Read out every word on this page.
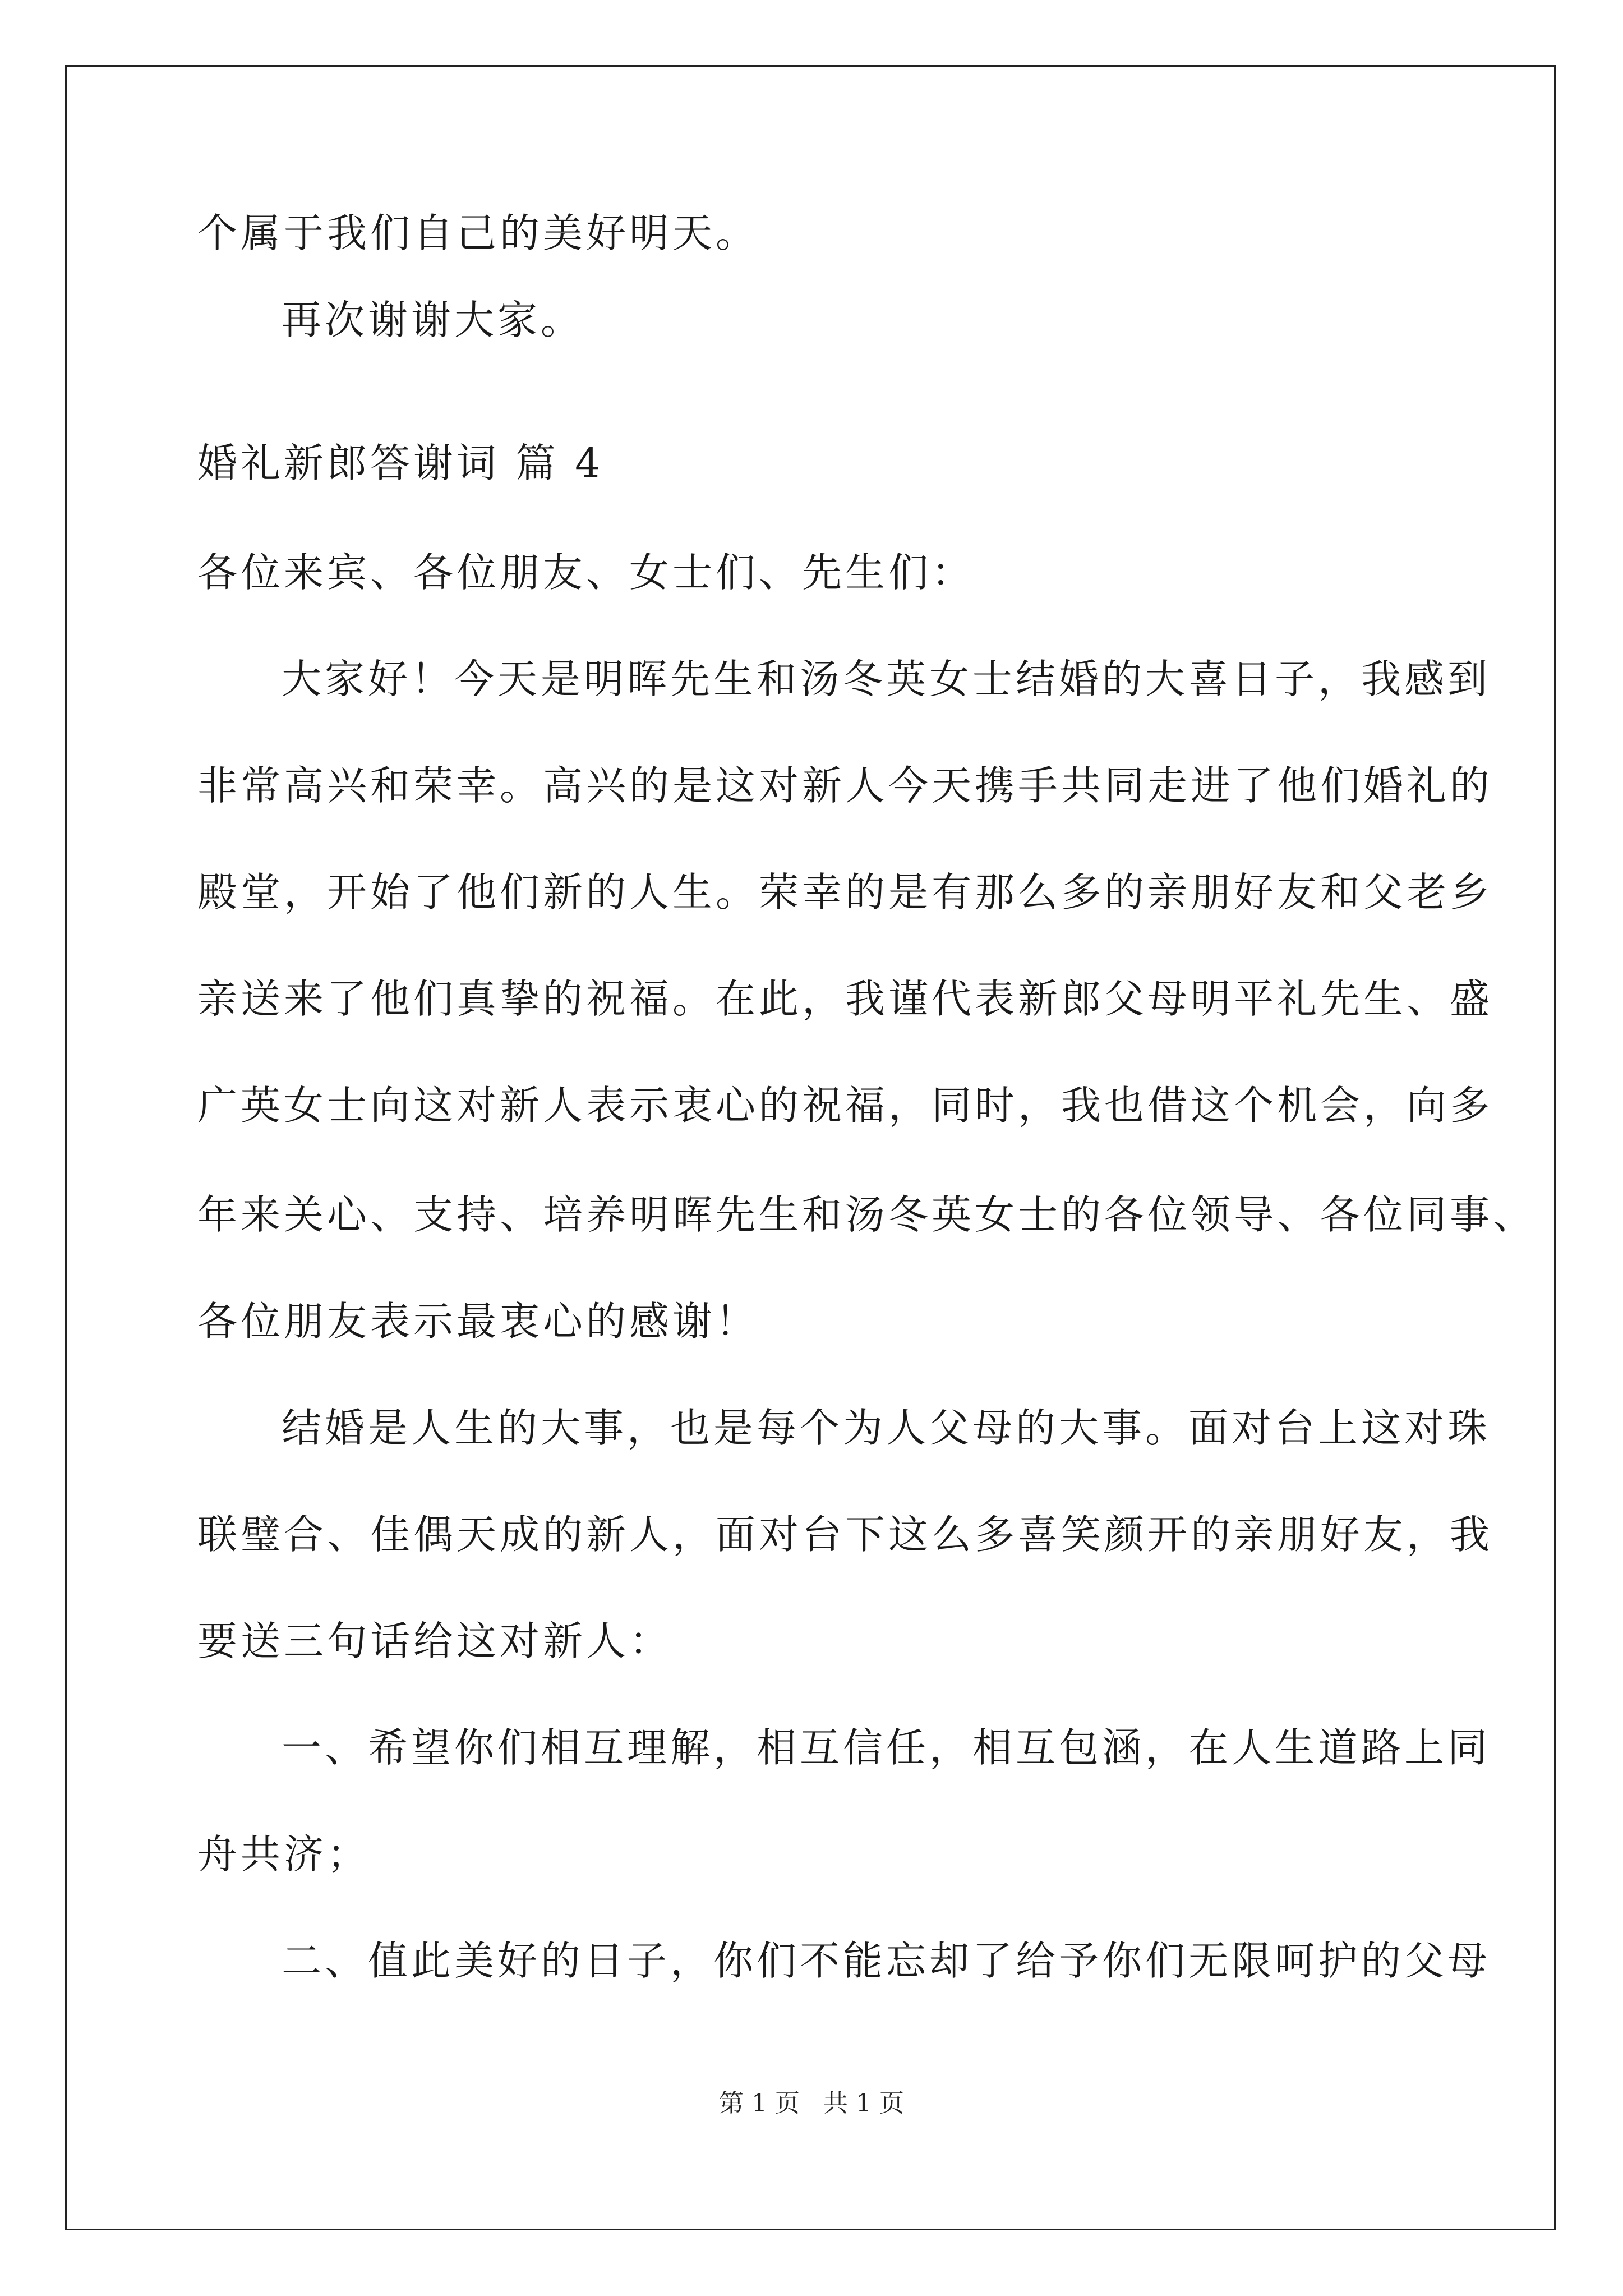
个属于我们自己的美好明天。
再次谢谢大家。
婚礼新郎答谢词 篇 4
各位来宾、各位朋友、女士们、先生们：
大家好！今天是明晖先生和汤冬英女士结婚的大喜日子，我感到
非常高兴和荣幸。高兴的是这对新人今天携手共同走进了他们婚礼的
殿堂，开始了他们新的人生。荣幸的是有那么多的亲朋好友和父老乡
亲送来了他们真挚的祝福。在此，我谨代表新郎父母明平礼先生、盛
广英女士向这对新人表示衷心的祝福，同时，我也借这个机会，向多
年来关心、支持、培养明晖先生和汤冬英女士的各位领导、各位同事、
各位朋友表示最衷心的感谢！
结婚是人生的大事，也是每个为人父母的大事。面对台上这对珠
联璧合、佳偶天成的新人，面对台下这么多喜笑颜开的亲朋好友，我
要送三句话给这对新人：
一、希望你们相互理解，相互信任，相互包涵，在人生道路上同
舟共济；
二、值此美好的日子，你们不能忘却了给予你们无限呵护的父母
第 1 页   共 1 页
